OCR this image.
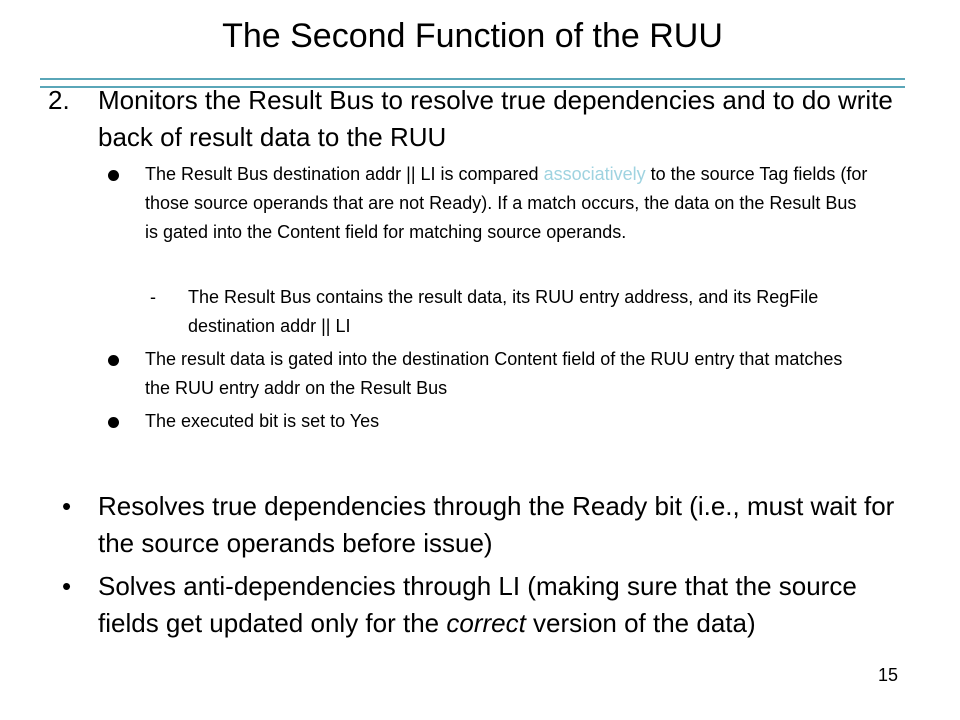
The Second Function of the RUU
2. Monitors the Result Bus to resolve true dependencies and to do write back of result data to the RUU
The Result Bus destination addr || LI is compared associatively to the source Tag fields (for those source operands that are not Ready). If a match occurs, the data on the Result Bus is gated into the Content field for matching source operands.
- The Result Bus contains the result data, its RUU entry address, and its RegFile destination addr || LI
The result data is gated into the destination Content field of the RUU entry that matches the RUU entry addr on the Result Bus
The executed bit is set to Yes
• Resolves true dependencies through the Ready bit (i.e., must wait for the source operands before issue)
• Solves anti-dependencies through LI (making sure that the source fields get updated only for the correct version of the data)
15
